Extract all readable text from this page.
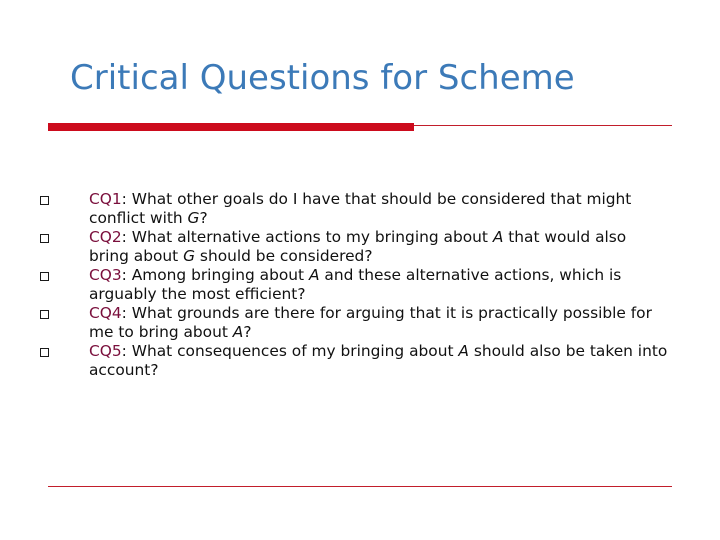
Critical Questions for Scheme
CQ1: What other goals do I have that should be considered that might conflict with G?
CQ2: What alternative actions to my bringing about A that would also bring about G should be considered?
CQ3: Among bringing about A and these alternative actions, which is arguably the most efficient?
CQ4: What grounds are there for arguing that it is practically possible for me to bring about A?
CQ5: What consequences of my bringing about A should also be taken into account?
